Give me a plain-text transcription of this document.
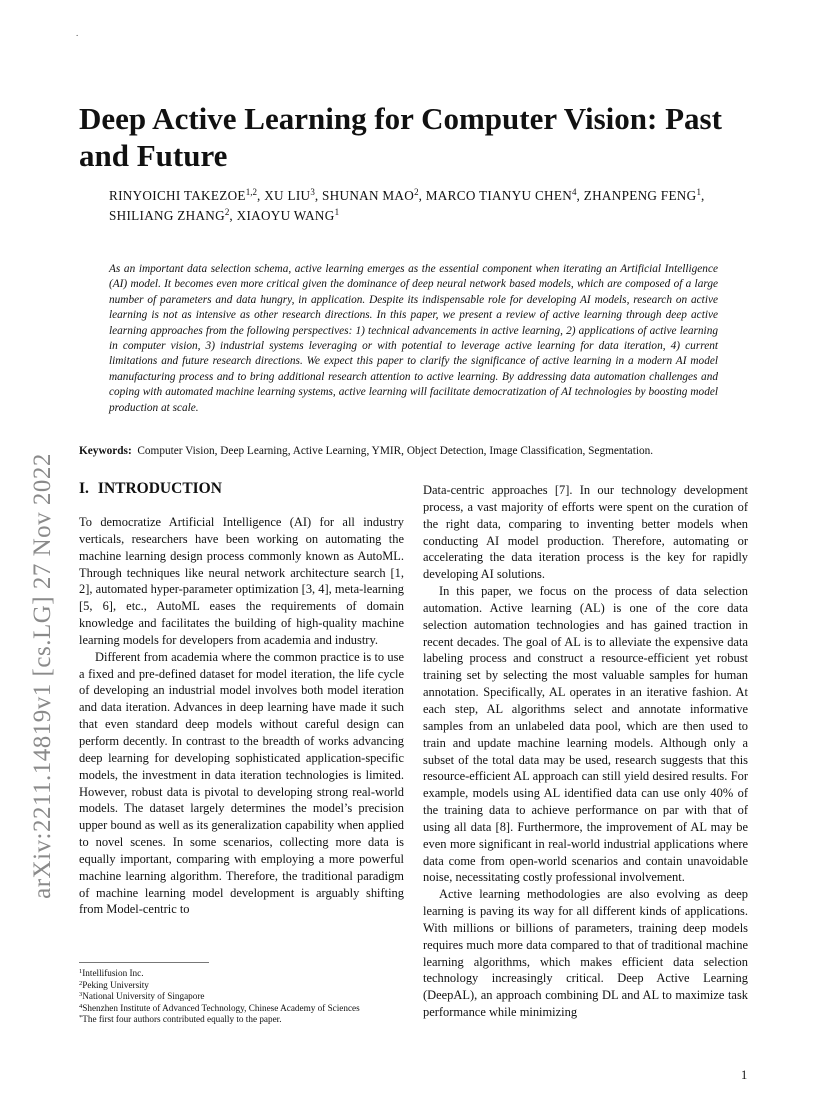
.
arXiv:2211.14819v1 [cs.LG] 27 Nov 2022
Deep Active Learning for Computer Vision: Past and Future
RINYOICHI TAKEZOE$^{1,2}$, XU LIU$^3$, SHUNAN MAO$^2$, MARCO TIANYU CHEN$^4$, ZHANPENG FENG$^1$, SHILIANG ZHANG$^2$, XIAOYU WANG$^1$

As an important data selection schema, active learning emerges as the essential component when iterating an Artificial Intelligence (AI) model. It becomes even more critical given the dominance of deep neural network based models, which are composed of a large number of parameters and data hungry, in application. Despite its indispensable role for developing AI models, research on active learning is not as intensive as other research directions. In this paper, we present a review of active learning through deep active learning approaches from the following perspectives: 1) technical advancements in active learning, 2) applications of active learning in computer vision, 3) industrial systems leveraging or with potential to leverage active learning for data iteration, 4) current limitations and future research directions. We expect this paper to clarify the significance of active learning in a modern AI model manufacturing process and to bring additional research attention to active learning. By addressing data automation challenges and coping with automated machine learning systems, active learning will facilitate democratization of AI technologies by boosting model production at scale.

Keywords: Computer Vision, Deep Learning, Active Learning, YMIR, Object Detection, Image Classification, Segmentation.
I. INTRODUCTION

To democratize Artificial Intelligence (AI) for all industry verticals, researchers have been working on automating the machine learning design process commonly known as AutoML. Through techniques like neural network architecture search [1, 2], automated hyper-parameter optimization [3, 4], meta-learning [5, 6], etc., AutoML eases the requirements of domain knowledge and facilitates the building of high-quality machine learning models for developers from academia and industry.

Different from academia where the common practice is to use a fixed and pre-defined dataset for model iteration, the life cycle of developing an industrial model involves both model iteration and data iteration. Advances in deep learning have made it such that even standard deep models without careful design can perform decently. In contrast to the breadth of works advancing deep learning for developing sophisticated application-specific models, the investment in data iteration technologies is limited. However, robust data is pivotal to developing strong real-world models. The dataset largely determines the model’s precision upper bound as well as its generalization capability when applied to novel scenes. In some scenarios, collecting more data is equally important, comparing with employing a more powerful machine learning algorithm. Therefore, the traditional paradigm of machine learning model development is arguably shifting from Model-centric to

Data-centric approaches [7]. In our technology development process, a vast majority of efforts were spent on the curation of the right data, comparing to inventing better models when conducting AI model production. Therefore, automating or accelerating the data iteration process is the key for rapidly developing AI solutions.

In this paper, we focus on the process of data selection automation. Active learning (AL) is one of the core data selection automation technologies and has gained traction in recent decades. The goal of AL is to alleviate the expensive data labeling process and construct a resource-efficient yet robust training set by selecting the most valuable samples for human annotation. Specifically, AL operates in an iterative fashion. At each step, AL algorithms select and annotate informative samples from an unlabeled data pool, which are then used to train and update machine learning models. Although only a subset of the total data may be used, research suggests that this resource-efficient AL approach can still yield desired results. For example, models using AL identified data can use only 40% of the training data to achieve performance on par with that of using all data [8]. Furthermore, the improvement of AL may be even more significant in real-world industrial applications where data come from open-world scenarios and contain unavoidable noise, necessitating costly professional involvement.

Active learning methodologies are also evolving as deep learning is paving its way for all different kinds of applications. With millions or billions of parameters, training deep models requires much more data compared to that of traditional machine learning algorithms, which makes efficient data selection technology increasingly critical. Deep Active Learning (DeepAL), an approach combining DL and AL to maximize task performance while minimizing

$^1$Intellifusion Inc.
$^2$Peking University
$^3$National University of Singapore
$^4$Shenzhen Institute of Advanced Technology, Chinese Academy of Sciences
*The first four authors contributed equally to the paper.
1
